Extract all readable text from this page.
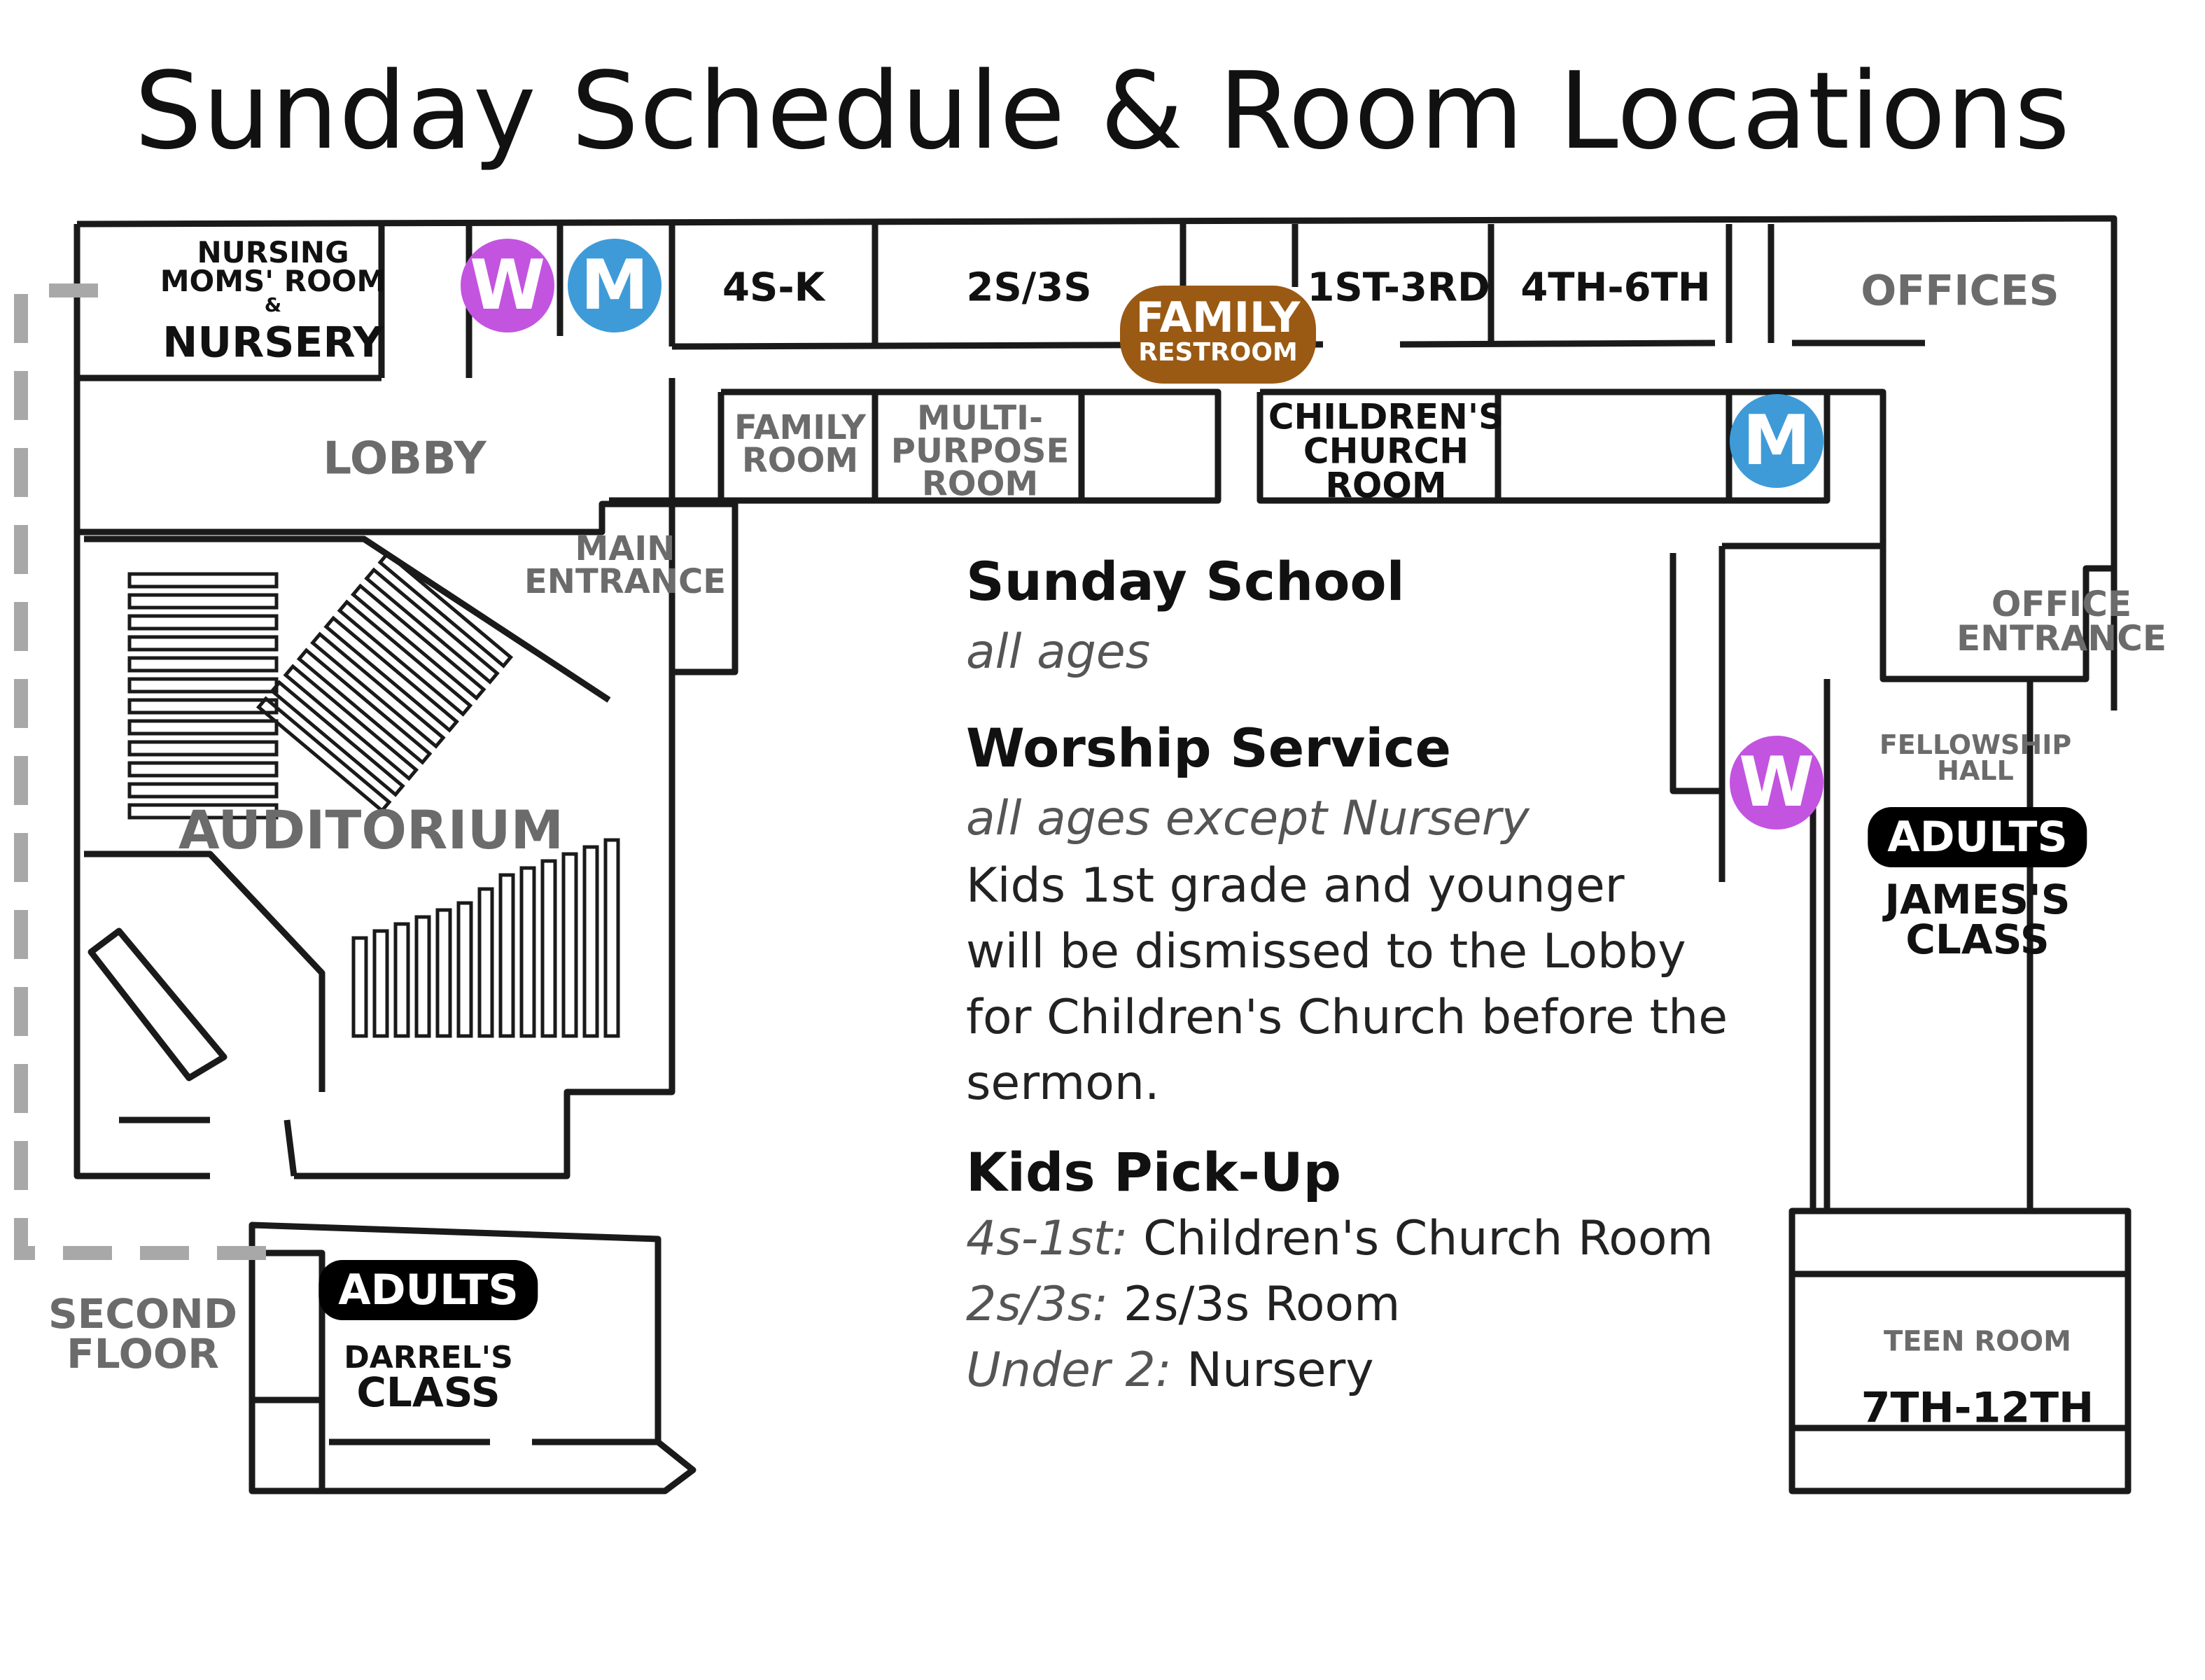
Sunday Schedule & Room Locations
NURSING
MOMS' ROOM
&
NURSERY
W M	4S-K	2S/3S
FAMILY
RESTROOM
1ST-3RD 4TH-6TH	OFFICES
LOBBY
FAMILY
ROOM
MULTI-
PURPOSE
ROOM
CHILDREN'S
CHURCH
ROOM
M
MAIN
ENTRANCE
OFFICE
ENTRANCE
AUDITORIUM
W	FELLOWSHIP
HALL
ADULTS
JAMES'S
CLASS
SECOND
FLOOR
ADULTS
DARREL'S
CLASS
TEEN ROOM
7TH-12TH
Sunday School
all ages
Worship Service
all ages except Nursery
Kids 1st grade and younger
will be dismissed to the Lobby
for Children's Church before the
sermon.
Kids Pick-Up
4s-1st: Children's Church Room
2s/3s: 2s/3s Room
Under 2: Nursery
